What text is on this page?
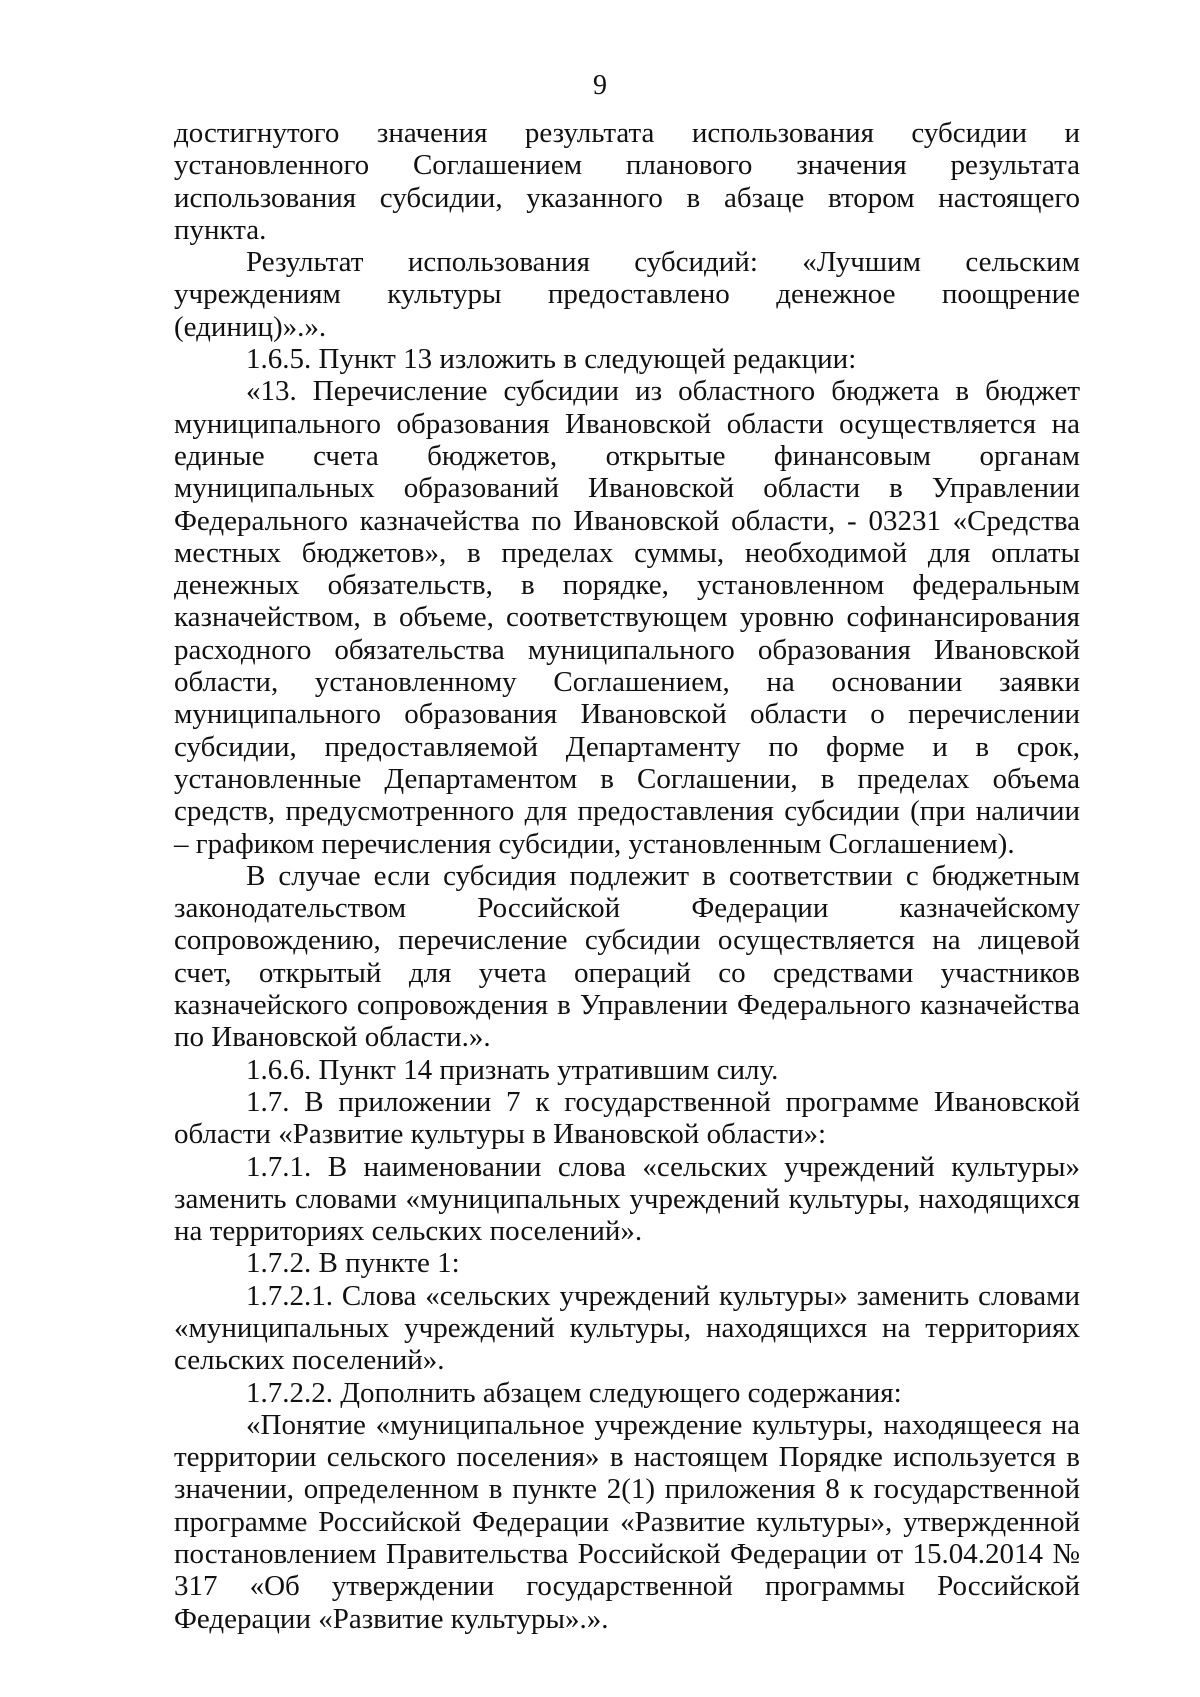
9

достигнутого значения результата использования субсидии и установленного Соглашением планового значения результата использования субсидии, указанного в абзаце втором настоящего пункта.

Результат использования субсидий: «Лучшим сельским учреждениям культуры предоставлено денежное поощрение (единиц)».».

1.6.5. Пункт 13 изложить в следующей редакции:

«13. Перечисление субсидии из областного бюджета в бюджет муниципального образования Ивановской области осуществляется на единые счета бюджетов, открытые финансовым органам муниципальных образований Ивановской области в Управлении Федерального казначейства по Ивановской области, - 03231 «Средства местных бюджетов», в пределах суммы, необходимой для оплаты денежных обязательств, в порядке, установленном федеральным казначейством, в объеме, соответствующем уровню софинансирования расходного обязательства муниципального образования Ивановской области, установленному Соглашением, на основании заявки муниципального образования Ивановской области о перечислении субсидии, предоставляемой Департаменту по форме и в срок, установленные Департаментом в Соглашении, в пределах объема средств, предусмотренного для предоставления субсидии (при наличии – графиком перечисления субсидии, установленным Соглашением).

В случае если субсидия подлежит в соответствии с бюджетным законодательством Российской Федерации казначейскому сопровождению, перечисление субсидии осуществляется на лицевой счет, открытый для учета операций со средствами участников казначейского сопровождения в Управлении Федерального казначейства по Ивановской области.».

1.6.6. Пункт 14 признать утратившим силу.

1.7. В приложении 7 к государственной программе Ивановской области «Развитие культуры в Ивановской области»:

1.7.1. В наименовании слова «сельских учреждений культуры» заменить словами «муниципальных учреждений культуры, находящихся на территориях сельских поселений».

1.7.2. В пункте 1:

1.7.2.1. Слова «сельских учреждений культуры» заменить словами «муниципальных учреждений культуры, находящихся на территориях сельских поселений».

1.7.2.2. Дополнить абзацем следующего содержания:

«Понятие «муниципальное учреждение культуры, находящееся на территории сельского поселения» в настоящем Порядке используется в значении, определенном в пункте 2(1) приложения 8 к государственной программе Российской Федерации «Развитие культуры», утвержденной постановлением Правительства Российской Федерации от 15.04.2014 № 317 «Об утверждении государственной программы Российской Федерации «Развитие культуры».».
